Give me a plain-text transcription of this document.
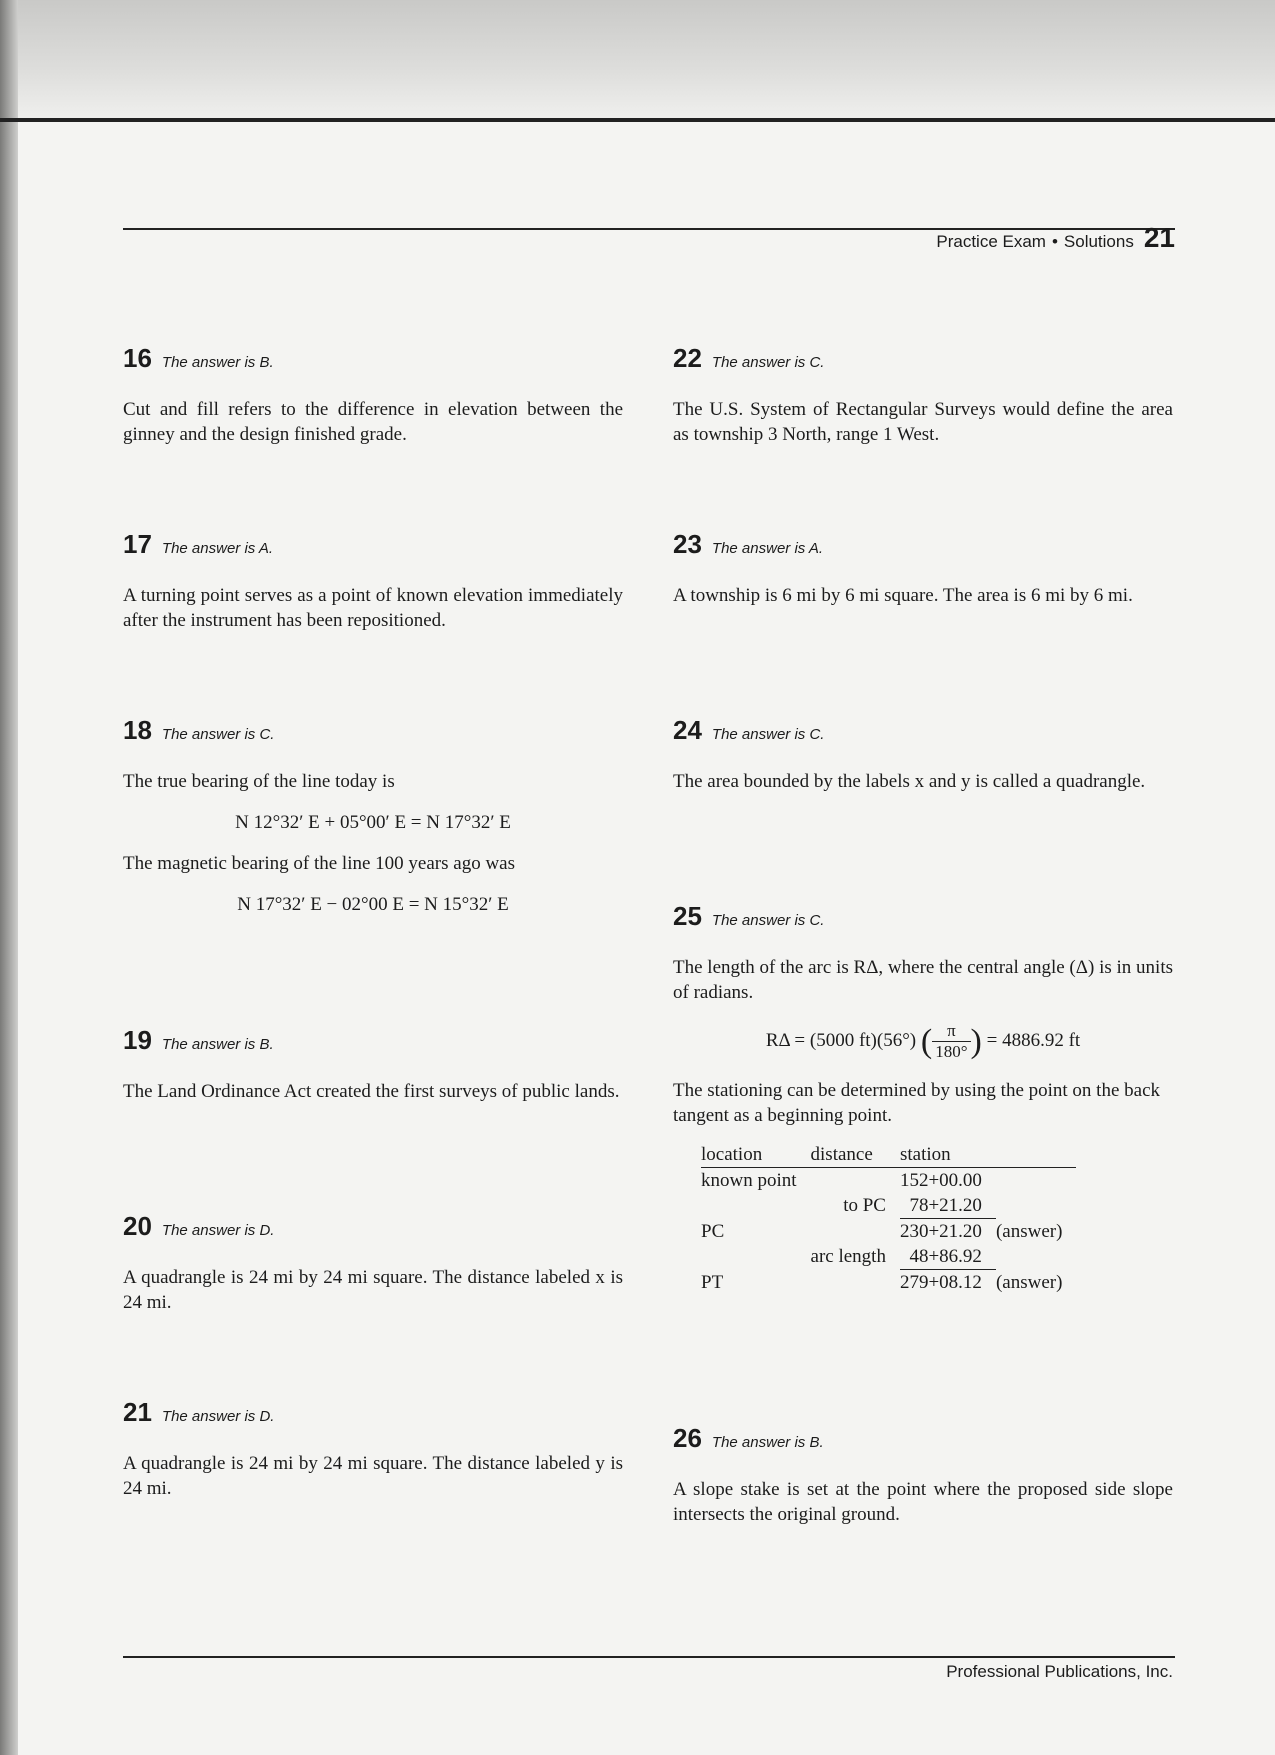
Practice Exam • Solutions 21
16 The answer is B.

Cut and fill refers to the difference in elevation between the ginney and the design finished grade.

17 The answer is A.

A turning point serves as a point of known elevation immediately after the instrument has been repositioned.

18 The answer is C.

The true bearing of the line today is

N 12°32′ E + 05°00′ E = N 17°32′ E

The magnetic bearing of the line 100 years ago was

N 17°32′ E − 02°00 E = N 15°32′ E
19 The answer is B.

The Land Ordinance Act created the first surveys of public lands.

20 The answer is D.

A quadrangle is 24 mi by 24 mi square. The distance labeled x is 24 mi.

21 The answer is D.

A quadrangle is 24 mi by 24 mi square. The distance labeled y is 24 mi.

22 The answer is C.

The U.S. System of Rectangular Surveys would define the area as township 3 North, range 1 West.

23 The answer is A.

A township is 6 mi by 6 mi square. The area is 6 mi by 6 mi.

24 The answer is C.

The area bounded by the labels x and y is called a quadrangle.

25 The answer is C.

The length of the arc is RΔ, where the central angle (Δ) is in units of radians.

RΔ = (5000 ft)(56°) ( $\frac{\pi}{180^\circ}$ ) = 4886.92 ft

The stationing can be determined by using the point on the back tangent as a beginning point.

location	distance	station	
known point		152+00.00	
	to PC	78+21.20	
PC		230+21.20	(answer)
	arc length	48+86.92	
PT		279+08.12	(answer)
26 The answer is B.

A slope stake is set at the point where the proposed side slope intersects the original ground.

Professional Publications, Inc.
